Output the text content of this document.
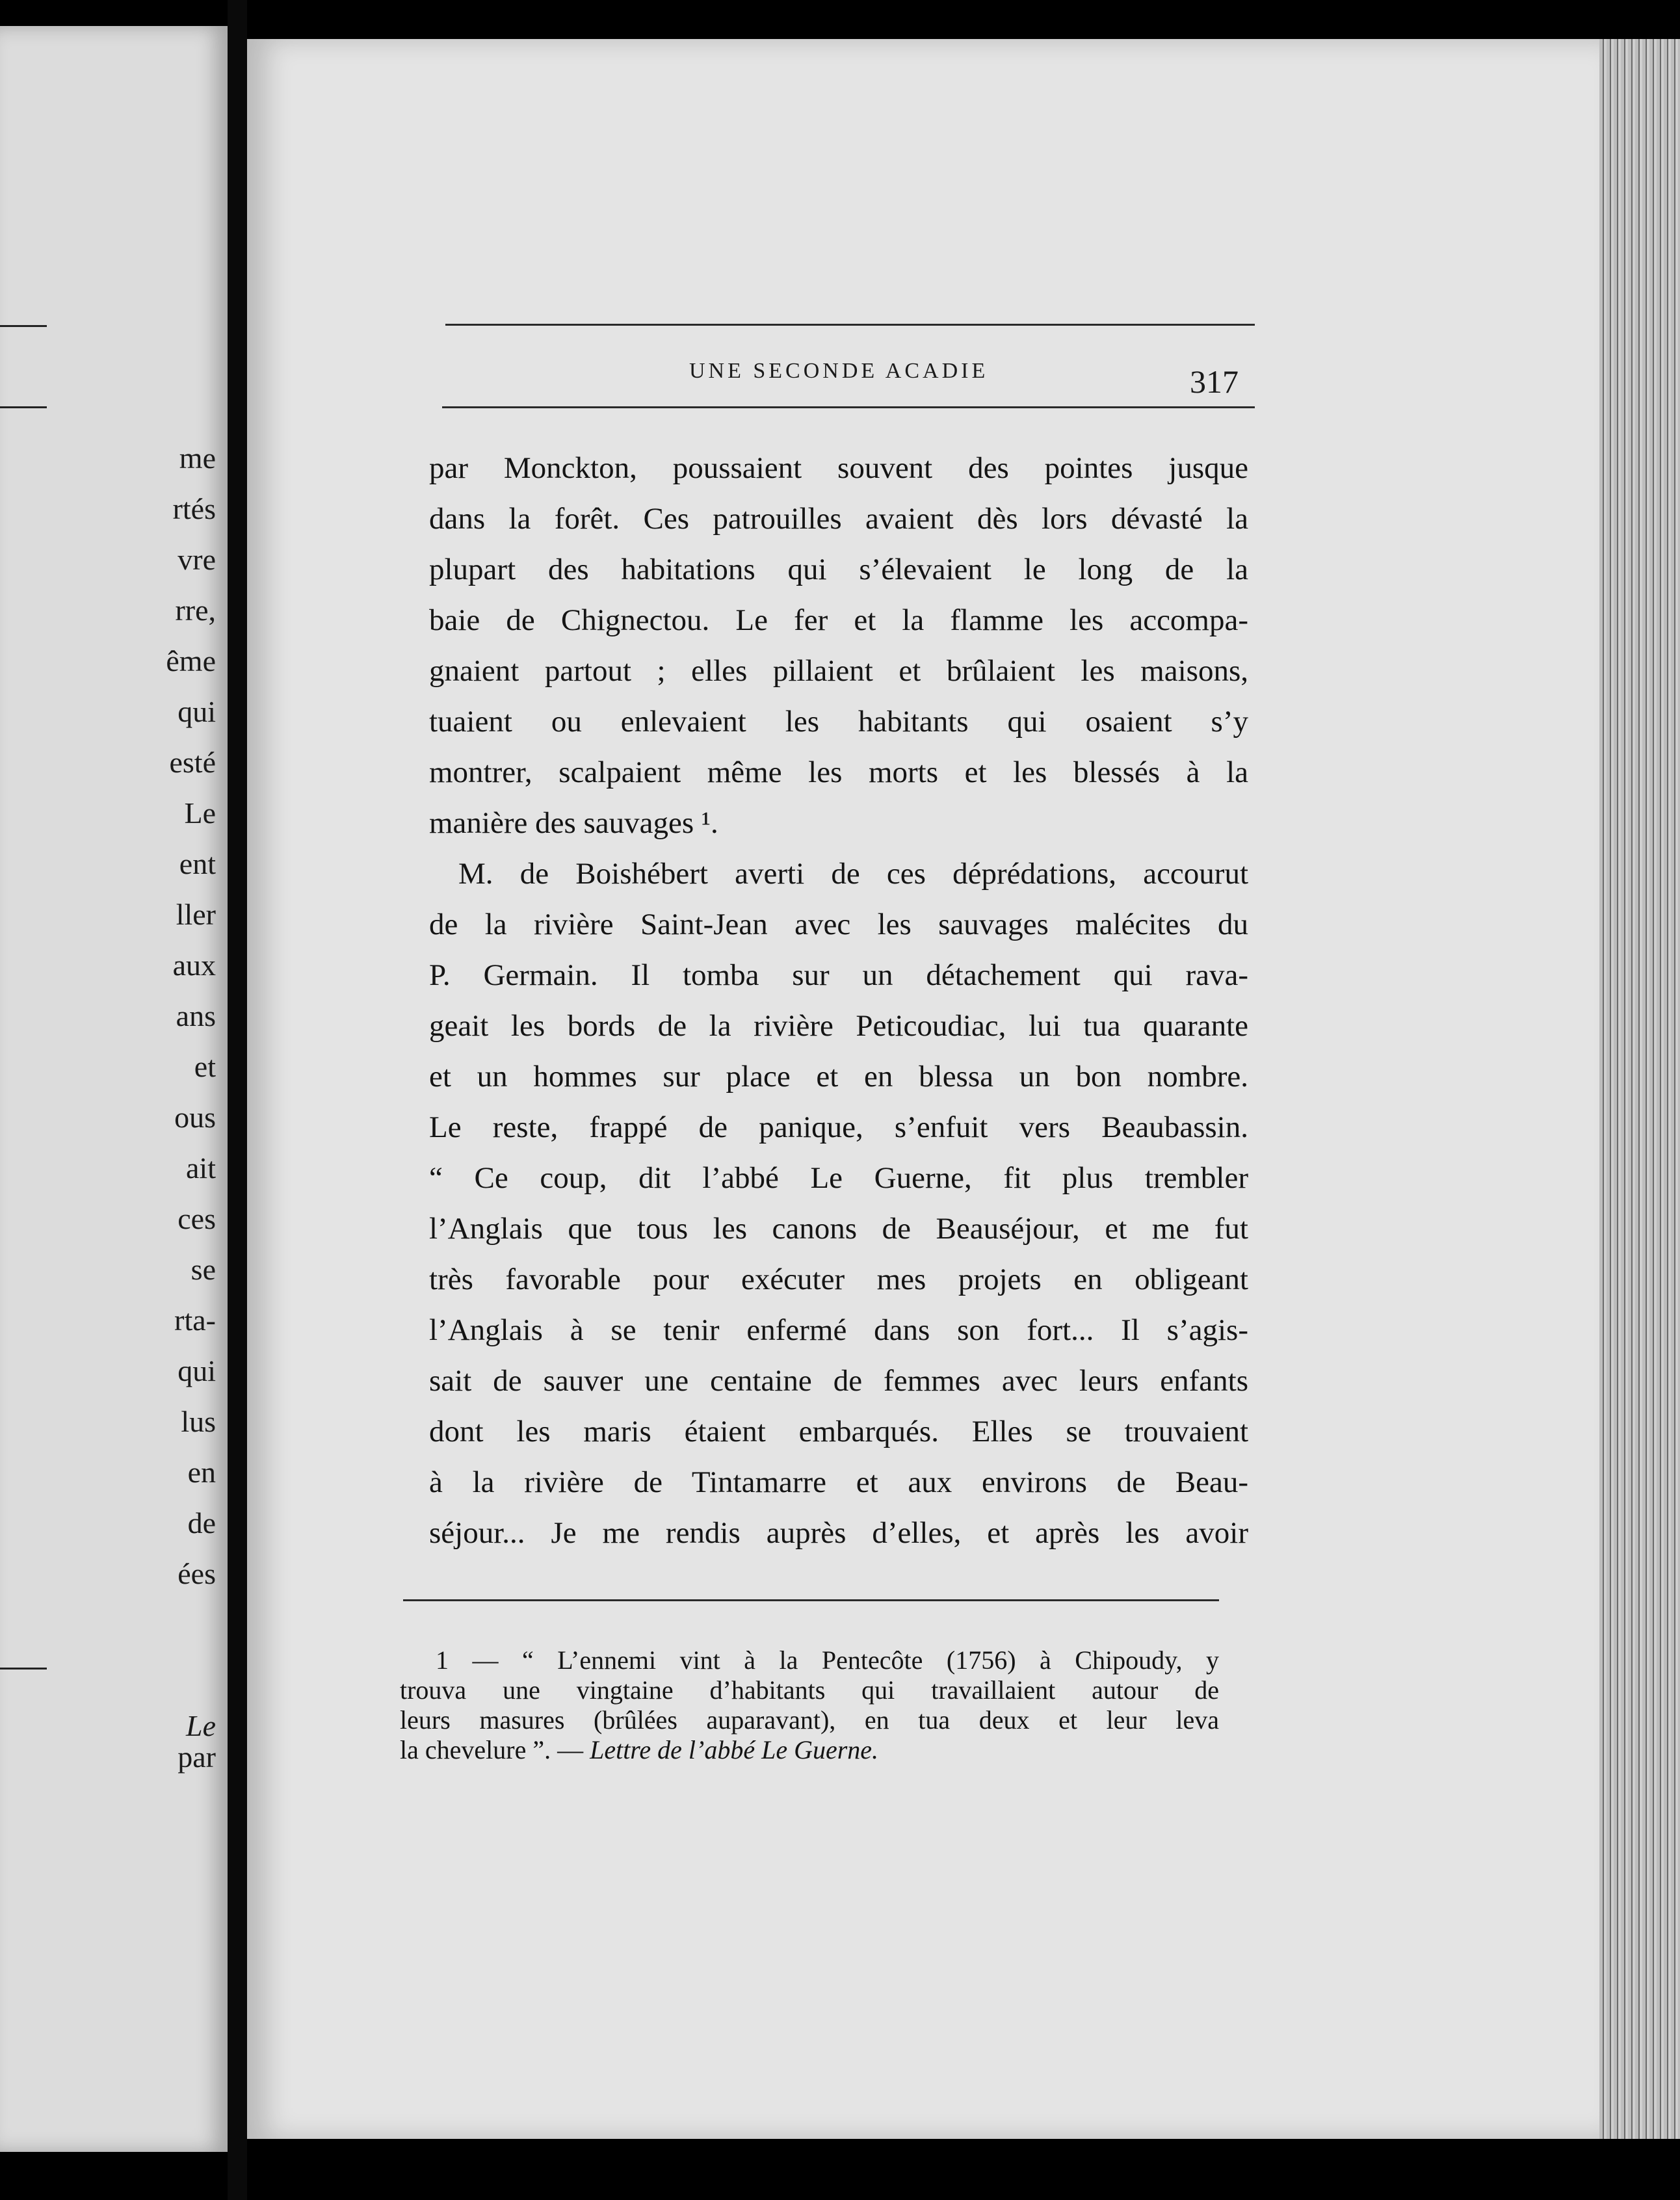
me
rtés
vre
rre,
ême
qui
esté
Le
ent
ller
aux
ans
et
ous
ait
ces
se
rta-
qui
lus
en
de
ées
Le
par
UNE SECONDE ACADIE	317

par Monckton, poussaient souvent des pointes jusque

dans la forêt. Ces patrouilles avaient dès lors dévasté la

plupart des habitations qui s’élevaient le long de la

baie de Chignectou. Le fer et la flamme les accompa-

gnaient partout ; elles pillaient et brûlaient les maisons,

tuaient ou enlevaient les habitants qui osaient s’y

montrer, scalpaient même les morts et les blessés à la

manière des sauvages ¹.

M. de Boishébert averti de ces déprédations, accourut

de la rivière Saint-Jean avec les sauvages malécites du

P. Germain. Il tomba sur un détachement qui rava-

geait les bords de la rivière Peticoudiac, lui tua quarante

et un hommes sur place et en blessa un bon nombre.

Le reste, frappé de panique, s’enfuit vers Beaubassin.

“ Ce coup, dit l’abbé Le Guerne, fit plus trembler

l’Anglais que tous les canons de Beauséjour, et me fut

très favorable pour exécuter mes projets en obligeant

l’Anglais à se tenir enfermé dans son fort... Il s’agis-

sait de sauver une centaine de femmes avec leurs enfants

dont les maris étaient embarqués. Elles se trouvaient

à la rivière de Tintamarre et aux environs de Beau-

séjour... Je me rendis auprès d’elles, et après les avoir

1 — “ L’ennemi vint à la Pentecôte (1756) à Chipoudy, y

trouva une vingtaine d’habitants qui travaillaient autour de

leurs masures (brûlées auparavant), en tua deux et leur leva

la chevelure ”. — Lettre de l’abbé Le Guerne.
